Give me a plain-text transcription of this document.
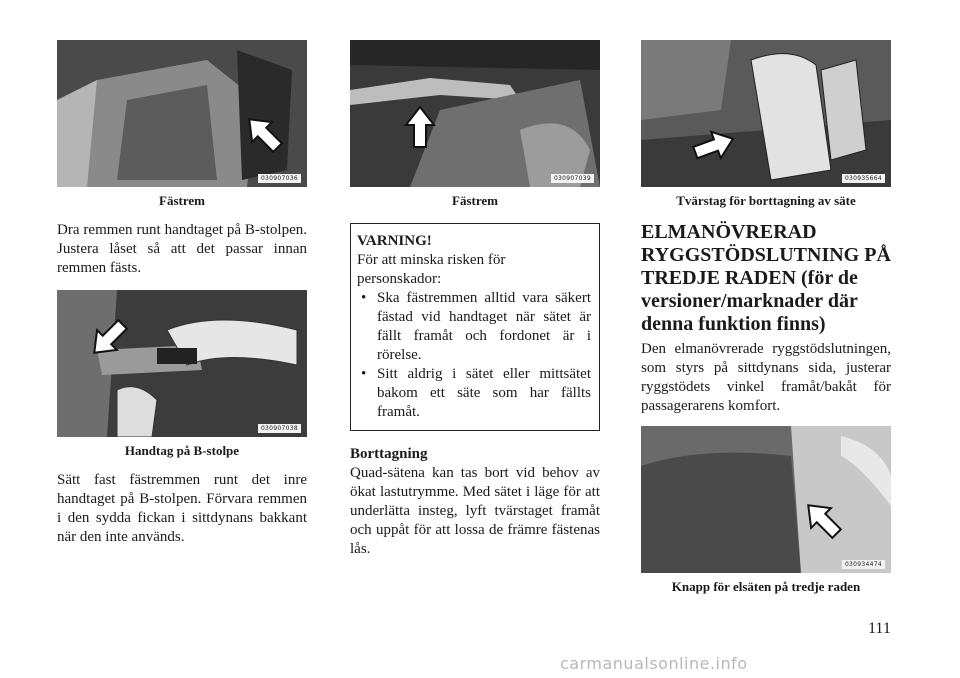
030907036
Fästrem

Dra remmen runt handtaget på B-stolpen. Justera låset så att det passar innan remmen fästs.

030907038
Handtag på B-stolpe

Sätt fast fästremmen runt det inre handtaget på B-stolpen. Förvara remmen i den sydda fickan i sittdynans bakkant när den inte används.

030907039
Fästrem
VARNING!
För att minska risken för personskador:
• Ska fästremmen alltid vara säkert fästad vid handtaget när sätet är fällt framåt och fordonet är i rörelse.
• Sitt aldrig i sätet eller mittsätet bakom ett säte som har fällts framåt.
Borttagning

Quad-sätena kan tas bort vid behov av ökat lastutrymme. Med sätet i läge för att underlätta insteg, lyft tvärstaget framåt och uppåt för att lossa de främre fästenas lås.

030935664
Tvärstag för borttagning av säte
ELMANÖVRERAD RYGGSTÖDSLUTNING PÅ TREDJE RADEN (för de versioner/marknader där denna funktion finns)

Den elmanövrerade ryggstödslutningen, som styrs på sittdynans sida, justerar ryggstödets vinkel framåt/bakåt för passagerarens komfort.

030934474
Knapp för elsäten på tredje raden
111
carmanualsonline.info
